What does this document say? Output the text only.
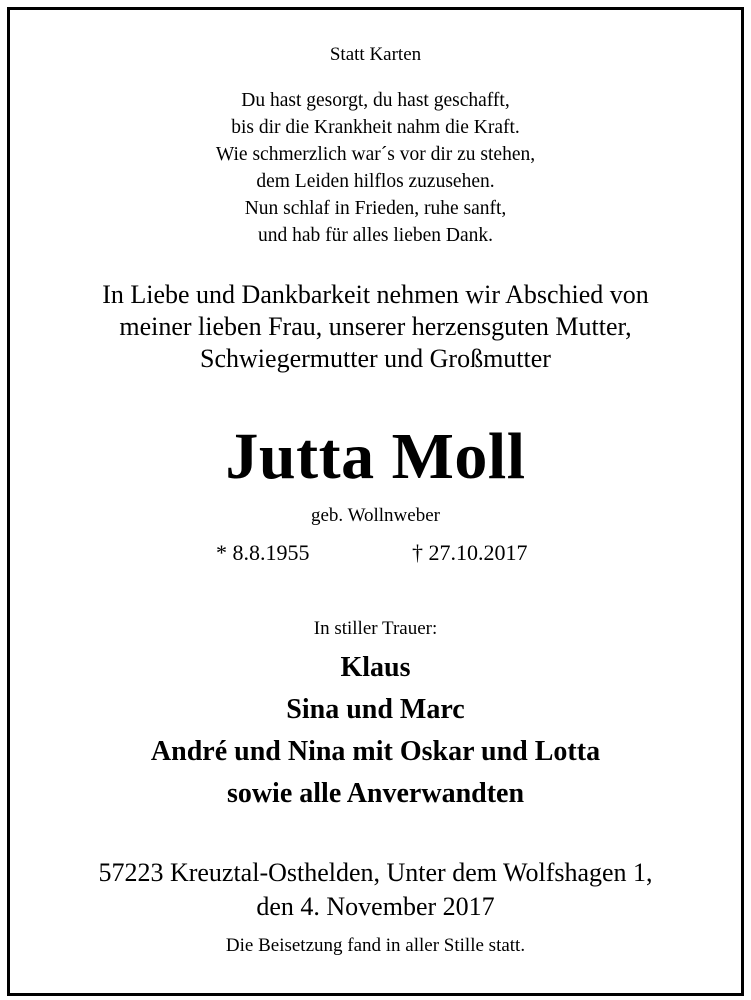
Statt Karten
Du hast gesorgt, du hast geschafft,
bis dir die Krankheit nahm die Kraft.
Wie schmerzlich war´s vor dir zu stehen,
dem Leiden hilflos zuzusehen.
Nun schlaf in Frieden, ruhe sanft,
und hab für alles lieben Dank.
In Liebe und Dankbarkeit nehmen wir Abschied von
meiner lieben Frau, unserer herzensguten Mutter,
Schwiegermutter und Großmutter
Jutta Moll
geb. Wollnweber
* 8.8.1955	† 27.10.2017
In stiller Trauer:
Klaus
Sina und Marc
André und Nina mit Oskar und Lotta
sowie alle Anverwandten
57223 Kreuztal-Osthelden, Unter dem Wolfshagen 1,
den 4. November 2017
Die Beisetzung fand in aller Stille statt.
